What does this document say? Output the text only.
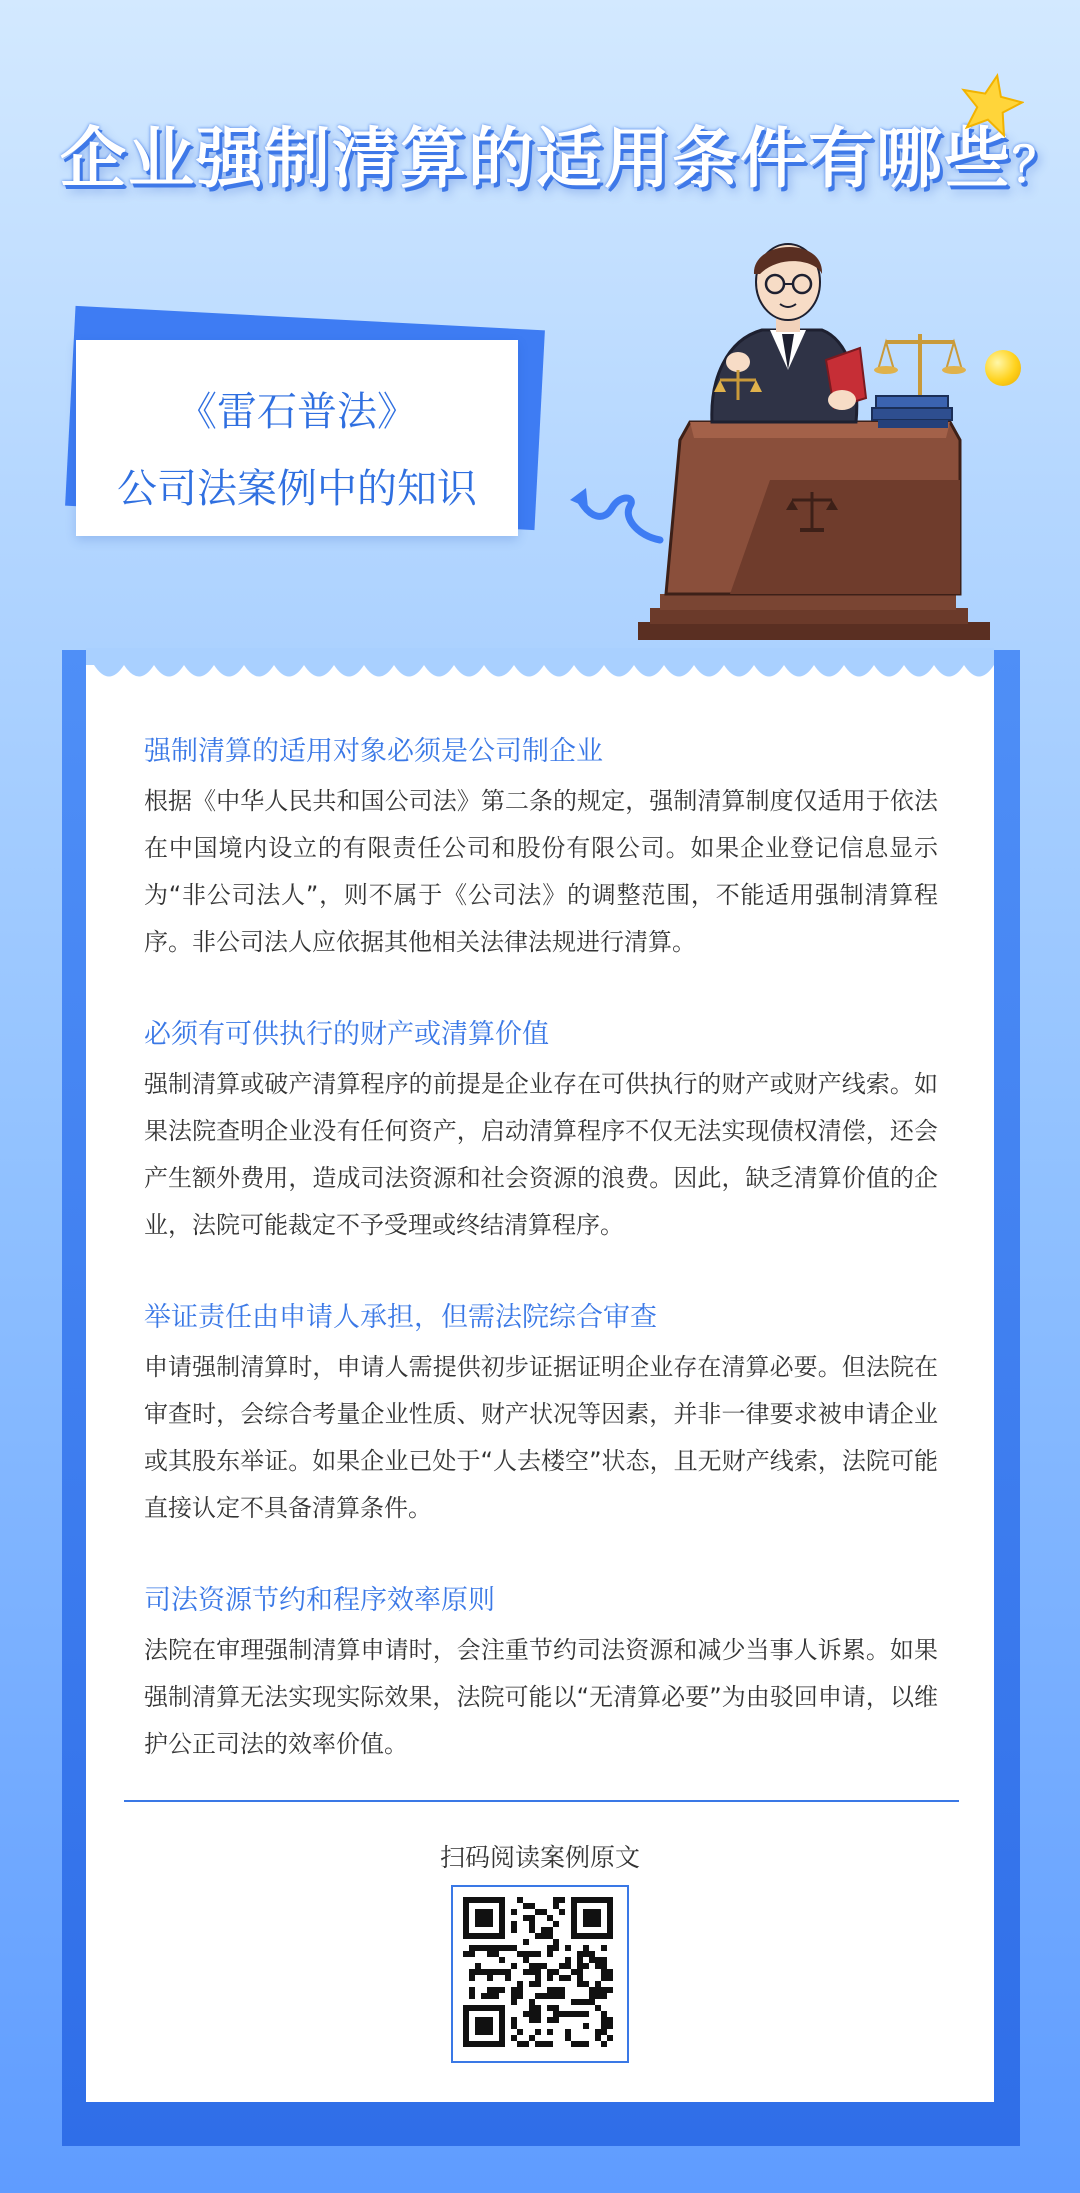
企业强制清算的适用条件有哪些？
《雷石普法》
公司法案例中的知识
强制清算的适用对象必须是公司制企业
根据《中华人民共和国公司法》第二条的规定，强制清算制度仅适用于依法在中国境内设立的有限责任公司和股份有限公司。如果企业登记信息显示为“非公司法人”，则不属于《公司法》的调整范围，不能适用强制清算程序。非公司法人应依据其他相关法律法规进行清算。
必须有可供执行的财产或清算价值
强制清算或破产清算程序的前提是企业存在可供执行的财产或财产线索。如果法院查明企业没有任何资产，启动清算程序不仅无法实现债权清偿，还会产生额外费用，造成司法资源和社会资源的浪费。因此，缺乏清算价值的企业，法院可能裁定不予受理或终结清算程序。
举证责任由申请人承担，但需法院综合审查
申请强制清算时，申请人需提供初步证据证明企业存在清算必要。但法院在审查时，会综合考量企业性质、财产状况等因素，并非一律要求被申请企业或其股东举证。如果企业已处于“人去楼空”状态，且无财产线索，法院可能直接认定不具备清算条件。
司法资源节约和程序效率原则
法院在审理强制清算申请时，会注重节约司法资源和减少当事人诉累。如果强制清算无法实现实际效果，法院可能以“无清算必要”为由驳回申请，以维护公正司法的效率价值。
扫码阅读案例原文
